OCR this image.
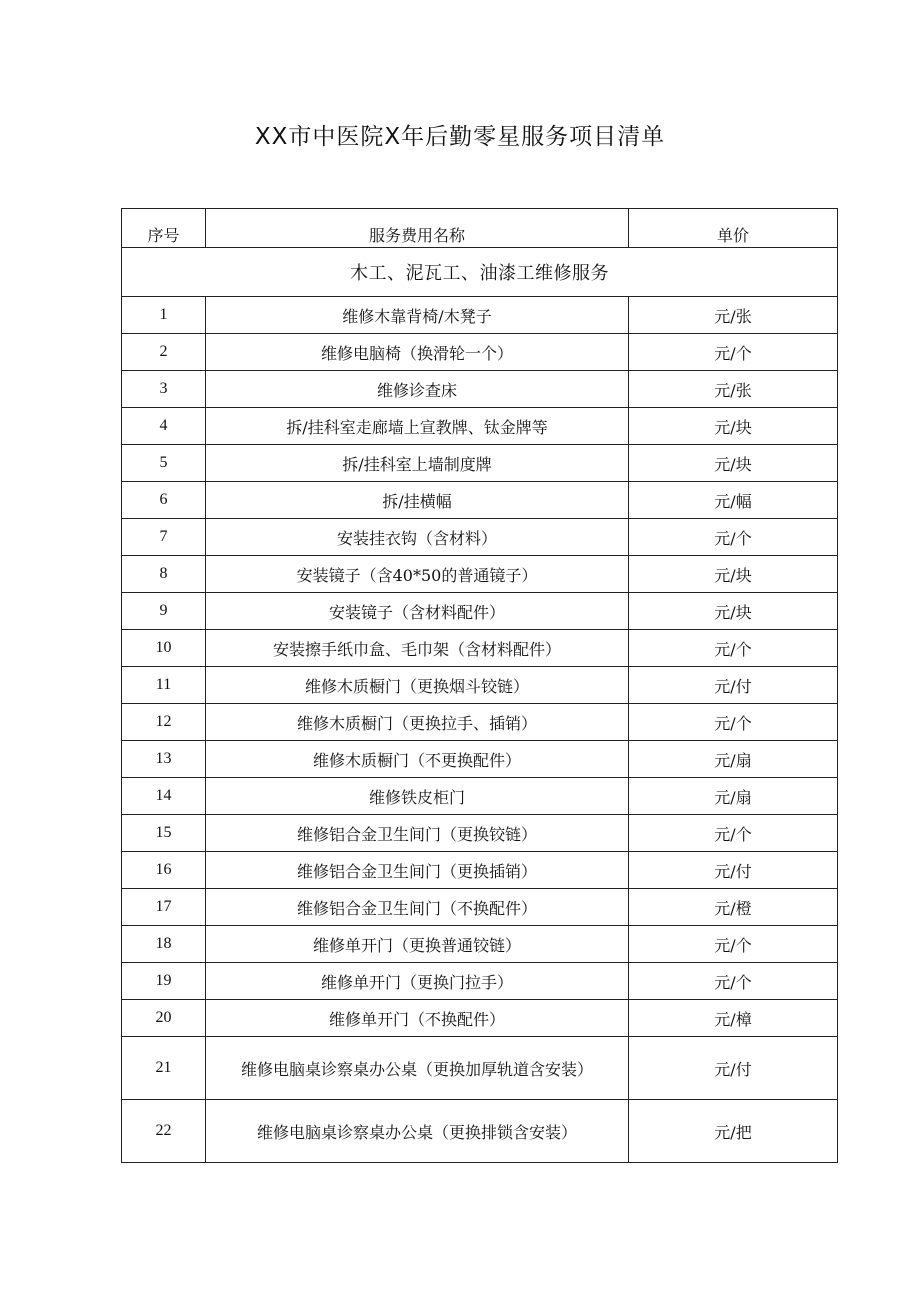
XX市中医院X年后勤零星服务项目清单
序号	服务费用名称	单价
木工、泥瓦工、油漆工维修服务		
1	维修木靠背椅/木凳子	元/张
2	维修电脑椅（换滑轮一个）	元/个
3	维修诊查床	元/张
4	拆/挂科室走廊墙上宣教牌、钛金牌等	元/块
5	拆/挂科室上墙制度牌	元/块
6	拆/挂横幅	元/幅
7	安装挂衣钩（含材料）	元/个
8	安装镜子（含40*50的普通镜子）	元/块
9	安装镜子（含材料配件）	元/块
10	安装擦手纸巾盒、毛巾架（含材料配件）	元/个
11	维修木质橱门（更换烟斗铰链）	元/付
12	维修木质橱门（更换拉手、插销）	元/个
13	维修木质橱门（不更换配件）	元/扇
14	维修铁皮柜门	元/扇
15	维修铝合金卫生间门（更换铰链）	元/个
16	维修铝合金卫生间门（更换插销）	元/付
17	维修铝合金卫生间门（不换配件）	元/橙
18	维修单开门（更换普通铰链）	元/个
19	维修单开门（更换门拉手）	元/个
20	维修单开门（不换配件）	元/樟
21	维修电脑桌诊察桌办公桌（更换加厚轨道含安装）	元/付
22	维修电脑桌诊察桌办公桌（更换排锁含安装）	元/把
